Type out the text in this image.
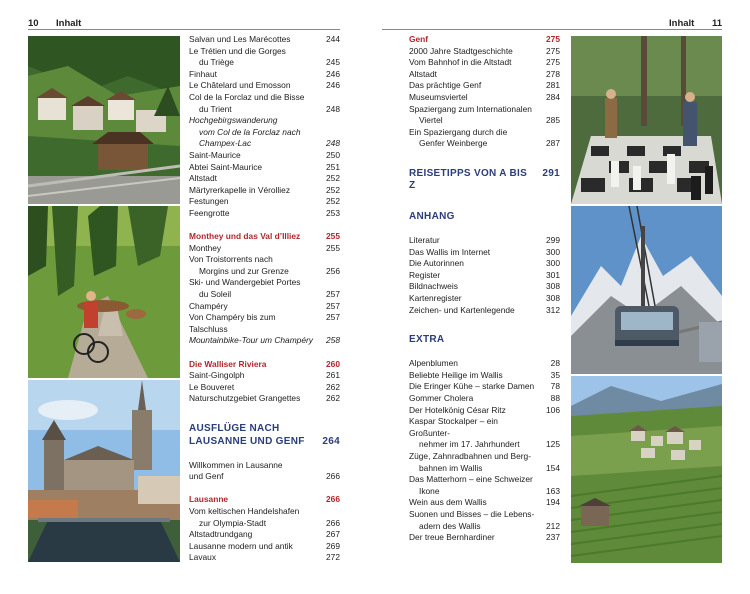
10 Inhalt	Inhalt 11
Salvan und Les Marécottes	244
Le Trétien und die Gorges
du Triège	245
Finhaut	246
Le Châtelard und Emosson	246
Col de la Forclaz und die Bisse
du Trient	248
Hochgebirgswanderung
vom Col de la Forclaz nach
Champex-Lac	248
Saint-Maurice	250
Abtei Saint-Maurice	251
Altstadt	252
Märtyrerkapelle in Vérolliez	252
Festungen	252
Feengrotte	253
Monthey und das Val d’Illiez	255
Monthey	255
Von Troistorrents nach
Morgins und zur Grenze	256
Ski- und Wandergebiet Portes
du Soleil	257
Champéry	257
Von Champéry bis zum Talschluss
257
Mountainbike-Tour um Champéry	258
Die Walliser Riviera	260
Saint-Gingolph	261
Le Bouveret	262
Naturschutzgebiet Grangettes	262
AUSFLÜGE NACH
LAUSANNE UND GENF	264
Willkommen in Lausanne
und Genf	266
Lausanne	266
Vom keltischen Handelshafen
zur Olympia-Stadt	266
Altstadtrundgang	267
Lausanne modern und antik	269
Lavaux	272
Genf	275
2000 Jahre Stadtgeschichte	275
Vom Bahnhof in die Altstadt	275
Altstadt	278
Das prächtige Genf	281
Museumsviertel	284
Spaziergang zum Internationalen
Viertel	285
Ein Spaziergang durch die
Genfer Weinberge	287
REISETIPPS VON A BIS Z
291
ANHANG
Literatur	299
Das Wallis im Internet	300
Die Autorinnen	300
Register	301
Bildnachweis	308
Kartenregister	308
Zeichen- und Kartenlegende	312
EXTRA
Alpenblumen	28
Beliebte Heilige im Wallis	35
Die Eringer Kühe – starke Damen	78
Gommer Cholera	88
Der Hotelkönig César Ritz	106
Kaspar Stockalper – ein Großunter-
nehmer im 17. Jahrhundert	125
Züge, Zahnradbahnen und Berg-
bahnen im Wallis	154
Das Matterhorn – eine Schweizer
Ikone	163
Wein aus dem Wallis	194
Suonen und Bisses – die Lebens-
adern des Wallis	212
Der treue Bernhardiner	237
